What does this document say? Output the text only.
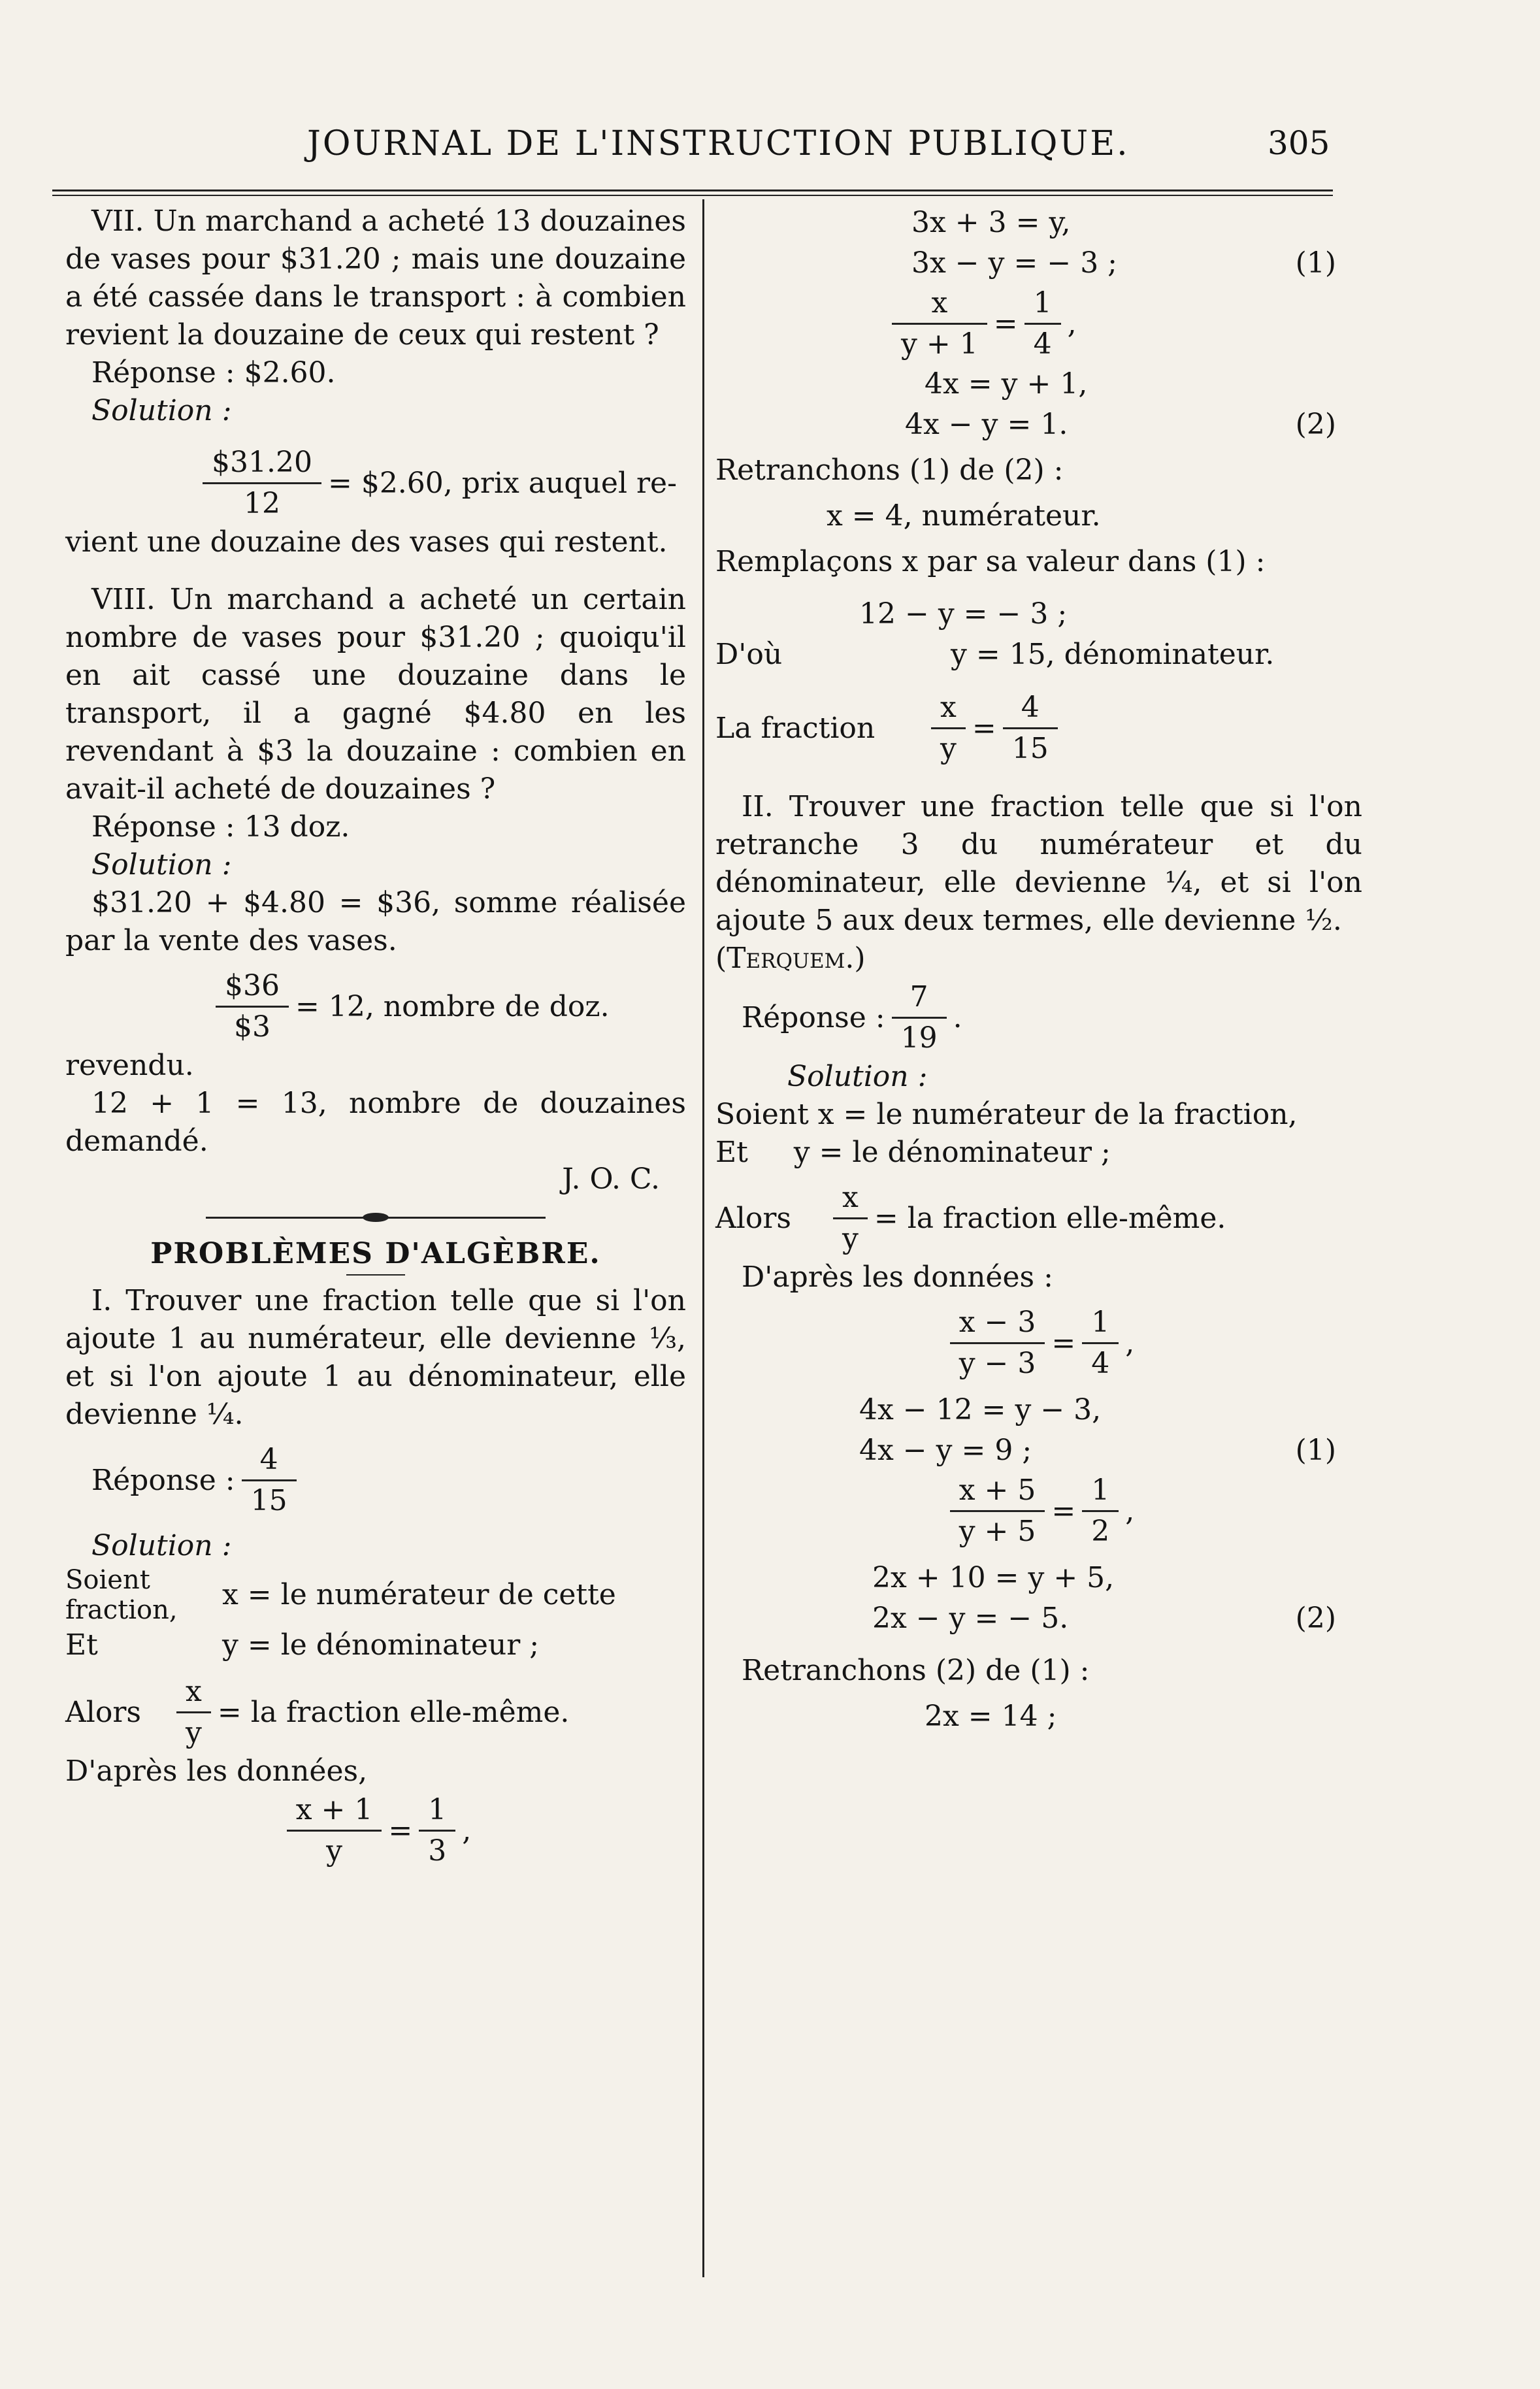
JOURNAL DE L'INSTRUCTION PUBLIQUE.	305

VII. Un marchand a acheté 13 douzaines de vases pour $31.20 ; mais une douzaine a été cassée dans le transport : à combien revient la douzaine de ceux qui restent ?

Réponse : $2.60.

Solution :

$\frac{\$31.20}{12}$ = $2.60, prix auquel re-

vient une douzaine des vases qui restent.

VIII. Un marchand a acheté un certain nombre de vases pour $31.20 ; quoiqu'il en ait cassé une douzaine dans le transport, il a gagné $4.80 en les revendant à $3 la douzaine : combien en avait-il acheté de douzaines ?

Réponse : 13 doz.

Solution :

$31.20 + $4.80 = $36, somme réalisée par la vente des vases.

$\frac{\$36}{\$3} = 12$, nombre de doz.

revendu.

12 + 1 = 13, nombre de douzaines demandé.

J. O. C.

PROBLÈMES D'ALGÈBRE.

I. Trouver une fraction telle que si l'on ajoute 1 au numérateur, elle devienne ⅓, et si l'on ajoute 1 au dénominateur, elle devienne ¼.

Réponse : $\frac{4}{15}$

Solution :

Soient fraction,	x = le numérateur de cette
Et	y = le dénominateur ;
Alors	$\frac{x}{y}$ = la fraction elle-même.

D'après les données,

$\frac{x + 1}{y} = \frac{1}{3}$ ,
3x + 3 = y,
3x − y = − 3 ;	(1)
$\frac{x}{y + 1} = \frac{1}{4}$ ,
4x = y + 1,
4x − y = 1.	(2)

Retranchons (1) de (2) :

x = 4, numérateur.

Remplaçons x par sa valeur dans (1) :

12 − y = − 3 ;
D'où	y = 15, dénominateur.
La fraction	$\frac{x}{y} = \frac{4}{15}$

II. Trouver une fraction telle que si l'on retranche 3 du numérateur et du dénominateur, elle devienne ¼, et si l'on ajoute 5 aux deux termes, elle devienne ½.

(Terquem.)

Réponse : $\frac{7}{19}$ .

Solution :

Soient x = le numérateur de la fraction,

Et     y = le dénominateur ;

Alors	$\frac{x}{y}$ = la fraction elle-même.

D'après les données :

$\frac{x - 3}{y - 3} = \frac{1}{4}$ ,
4x − 12 = y − 3,
4x − y = 9 ;	(1)
$\frac{x + 5}{y + 5} = \frac{1}{2}$ ,
2x + 10 = y + 5,
2x − y = − 5.	(2)

Retranchons (2) de (1) :

2x = 14 ;
